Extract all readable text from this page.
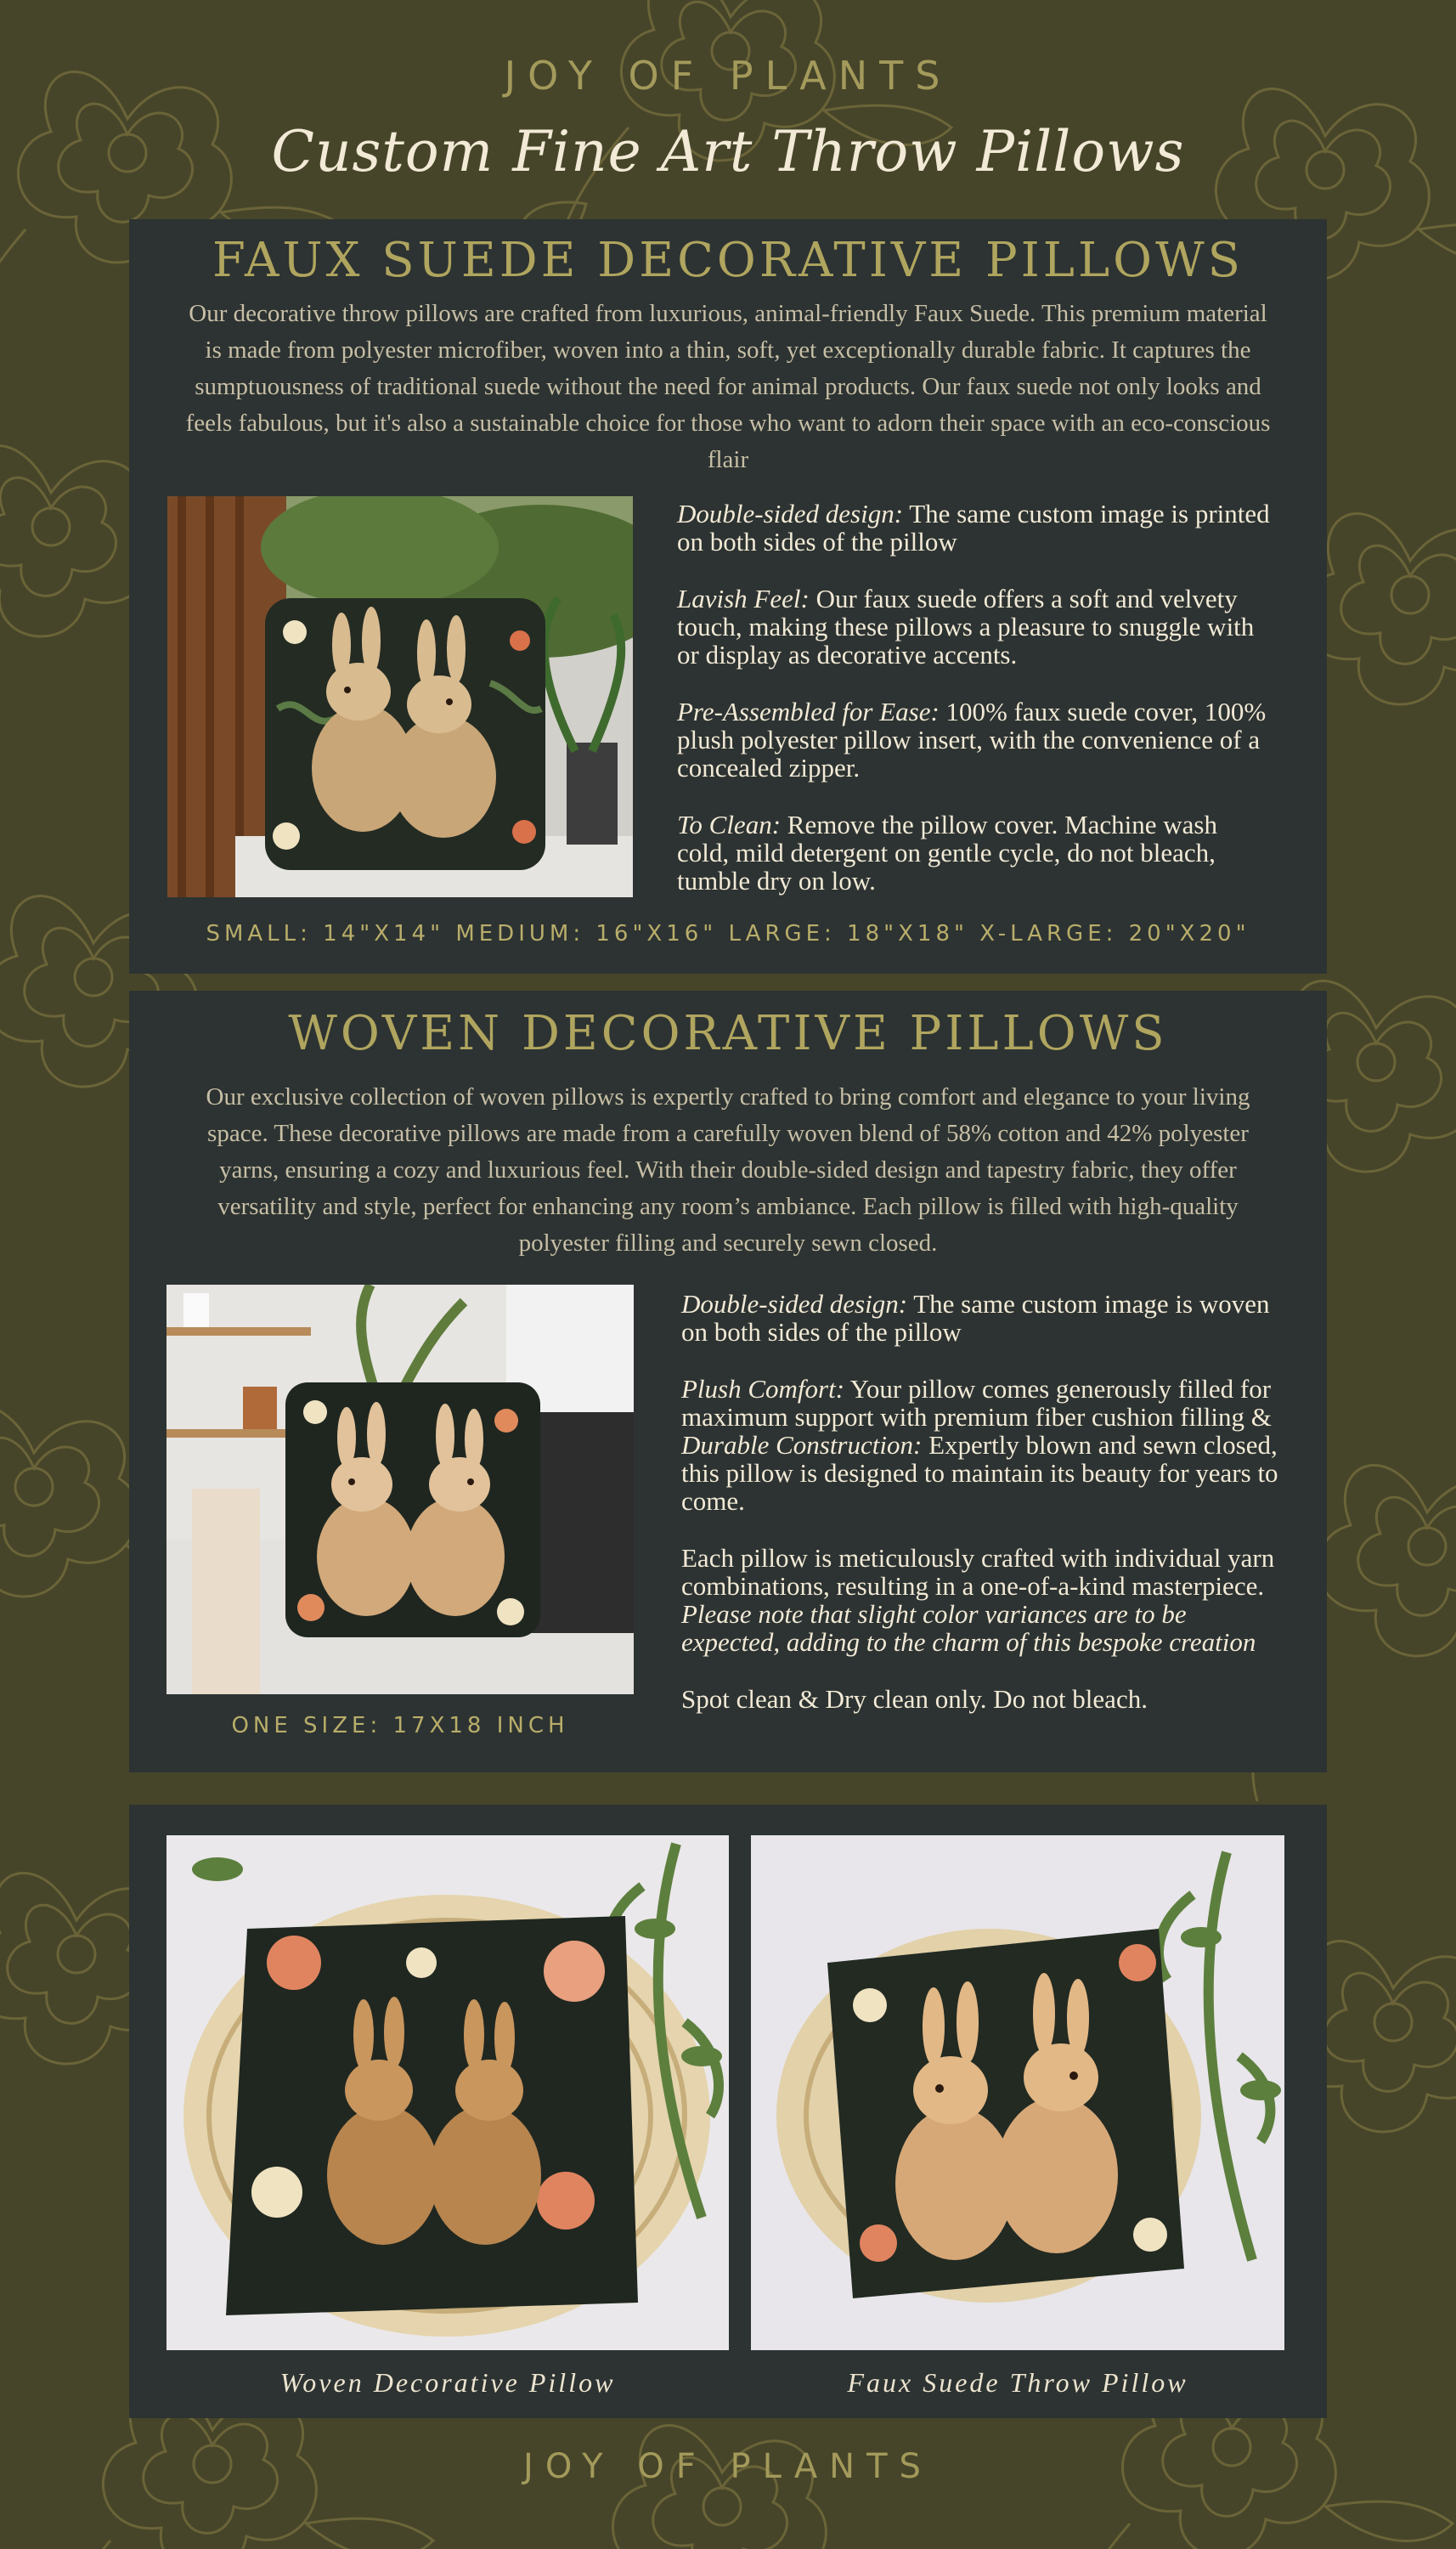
JOY OF PLANTS
Custom Fine Art Throw Pillows
FAUX SUEDE DECORATIVE PILLOWS
Our decorative throw pillows are crafted from luxurious, animal-friendly Faux Suede. This premium material is made from polyester microfiber, woven into a thin, soft, yet exceptionally durable fabric. It captures the sumptuousness of traditional suede without the need for animal products. Our faux suede not only looks and feels fabulous, but it's also a sustainable choice for those who want to adorn their space with an eco-conscious flair

Double-sided design: The same custom image is printed on both sides of the pillow

Lavish Feel: Our faux suede offers a soft and velvety touch, making these pillows a pleasure to snuggle with or display as decorative accents.

Pre-Assembled for Ease: 100% faux suede cover, 100% plush polyester pillow insert, with the convenience of a concealed zipper.

To Clean: Remove the pillow cover. Machine wash cold, mild detergent on gentle cycle, do not bleach, tumble dry on low.

SMALL: 14"X14" MEDIUM: 16"X16" LARGE: 18"X18" X-LARGE: 20"X20"
WOVEN DECORATIVE PILLOWS
Our exclusive collection of woven pillows is expertly crafted to bring comfort and elegance to your living space. These decorative pillows are made from a carefully woven blend of 58% cotton and 42% polyester yarns, ensuring a cozy and luxurious feel. With their double-sided design and tapestry fabric, they offer versatility and style, perfect for enhancing any room’s ambiance. Each pillow is filled with high-quality polyester filling and securely sewn closed.

Double-sided design: The same custom image is woven on both sides of the pillow

Plush Comfort: Your pillow comes generously filled for maximum support with premium fiber cushion filling & Durable Construction: Expertly blown and sewn closed, this pillow is designed to maintain its beauty for years to come.

Each pillow is meticulously crafted with individual yarn combinations, resulting in a one-of-a-kind masterpiece. Please note that slight color variances are to be expected, adding to the charm of this bespoke creation

Spot clean & Dry clean only. Do not bleach.

ONE SIZE: 17X18 INCH
Woven Decorative Pillow	Faux Suede Throw Pillow
JOY OF PLANTS
